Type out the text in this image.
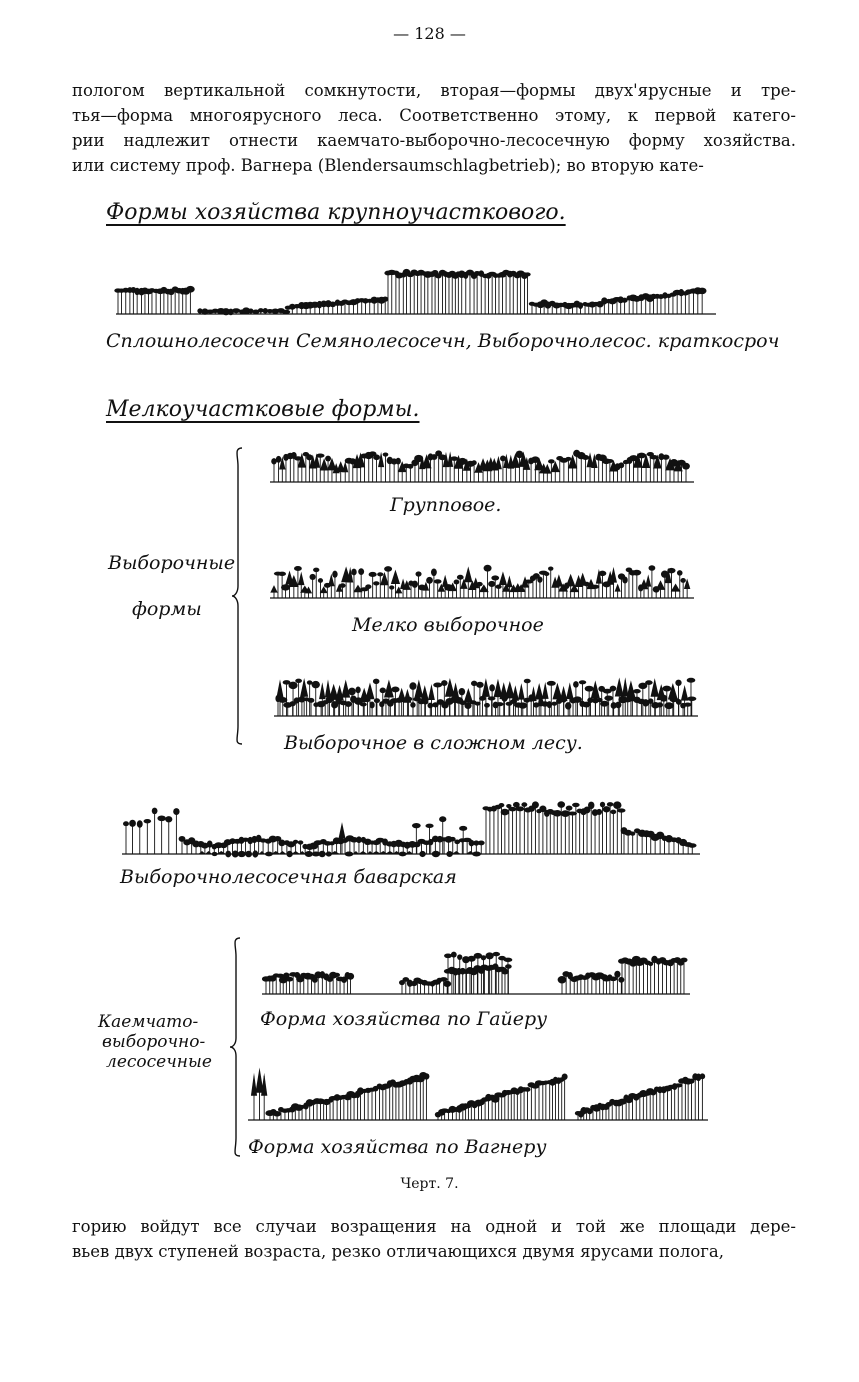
— 128 —
пологом вертикальной сомкнутости, вторая—формы двух'ярусные и тре-
тья—форма многоярусного леса. Соответственно этому, к первой катего-
рии надлежит отнести каемчато-выборочно-лесосечную форму хозяйства.
или систему проф. Вагнера (Blendersaumschlagbetrieb); во вторую кате-
Формы хозяйства крупноучасткового.
Сплошнолесосечн Семянолесосечн, Выборочнолесос. краткосроч
Мелкоучастковые формы.
Выборочные
формы
Групповое.
Мелко выборочное
Выборочное в сложном лесу.
Выборочнолесосечная баварская
Каемчато-
выборочно-
лесосечные
Форма хозяйства по Гайеру
Форма хозяйства по Вагнеру
Черт. 7.
горию войдут все случаи возращения на одной и той же площади дере-
вьев двух ступеней возраста, резко отличающихся двумя ярусами полога,
